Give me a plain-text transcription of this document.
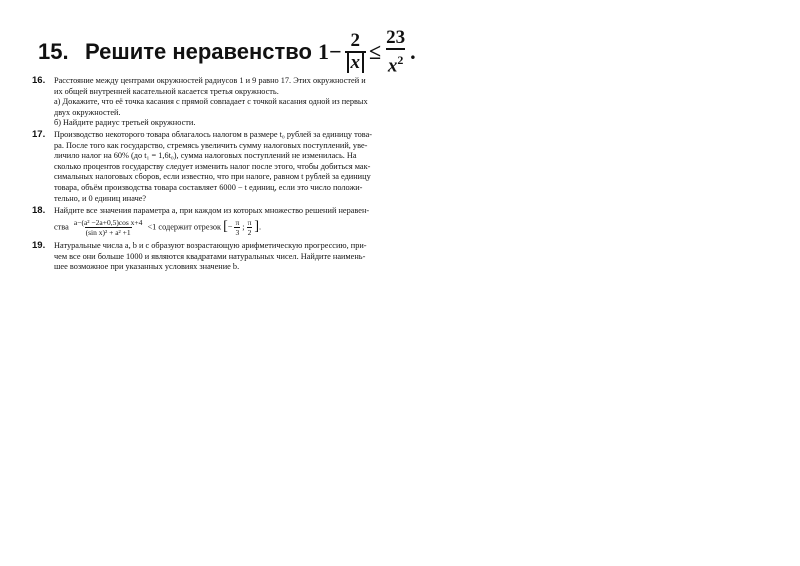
15. Решите неравенство $1 - \frac{2}{x} \le \frac{23}{x^2}$ .
16. Расстояние между центрами окружностей радиусов 1 и 9 равно 17. Этих окружностей и
их общей внутренней касательной касается третья окружность.
а) Докажите, что её точка касания с прямой совпадает с точкой касания одной из первых
двух окружностей.
б) Найдите радиус третьей окружности.
17. Производство некоторого товара облагалось налогом в размере t₀ рублей за единицу това-
ра. После того как государство, стремясь увеличить сумму налоговых поступлений, уве-
личило налог на 60% (до t₁ = 1,6t₀), сумма налоговых поступлений не изменилась. На
сколько процентов государству следует изменить налог после этого, чтобы добиться мак-
симальных налоговых сборов, если известно, что при налоге, равном t рублей за единицу
товара, объём производства товара составляет 6000 − t единиц, если это число положи-
тельно, и 0 единиц иначе?
18. Найдите все значения параметра a, при каждом из которых множество решений неравен-
ства $\frac{\text{a−(a² −2a+0,5)cos x+4}}{\text{(sin x)² + a² +1}} <1$ содержит отрезок [− $\frac{\pi}{3}$ ; $\frac{\pi}{2}$ ].
19. Натуральные числа a, b и c образуют возрастающую арифметическую прогрессию, при-
чем все они больше 1000 и являются квадратами натуральных чисел. Найдите наимень-
шее возможное при указанных условиях значение b.
